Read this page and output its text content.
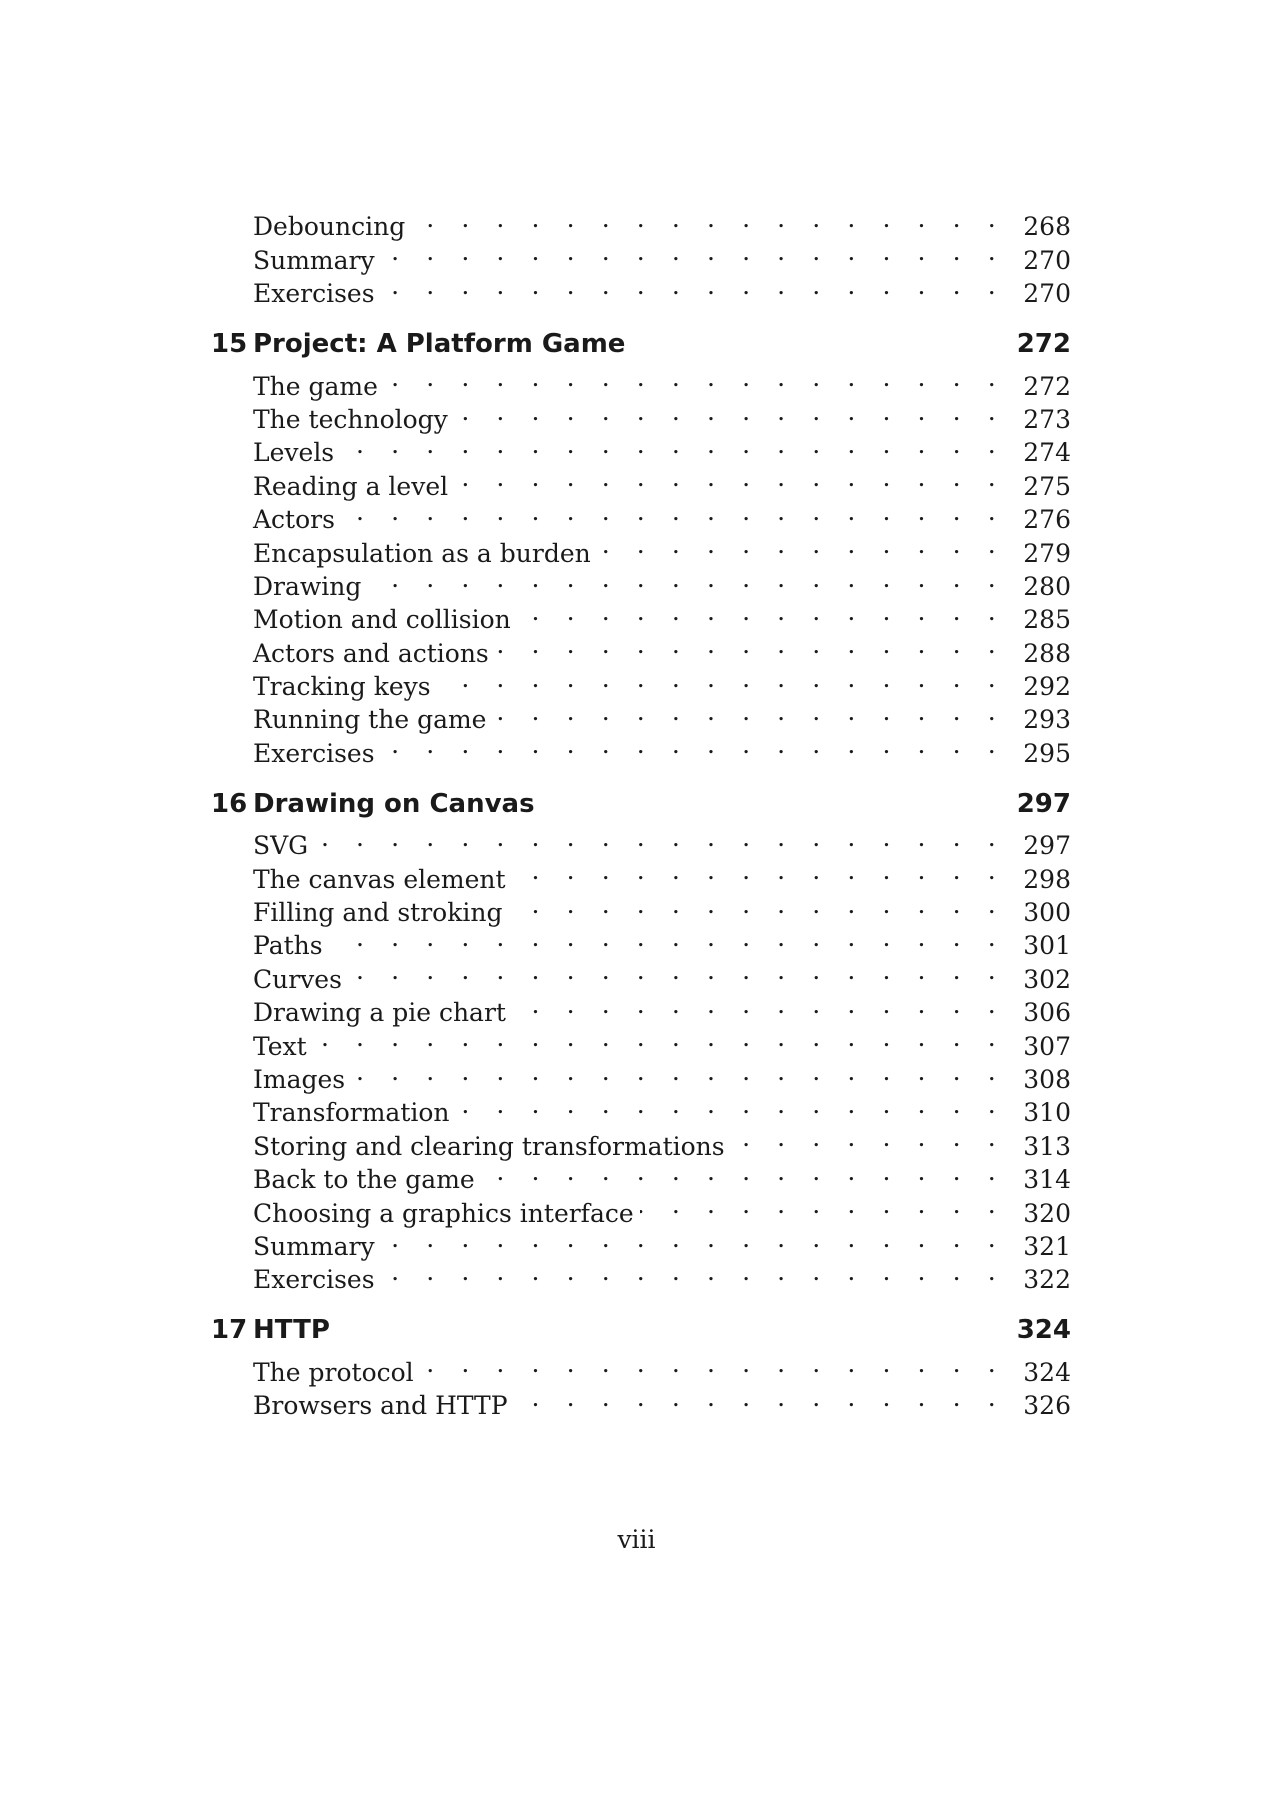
Debouncing . . .	268
Summary . . .	270
Exercises . . .	270
15 Project: A Platform Game	272
The game . . .	272
The technology . . .	273
Levels . . .	274
Reading a level . . .	275
Actors . . .	276
Encapsulation as a burden . . .	279
Drawing . . .	280
Motion and collision . . .	285
Actors and actions . . .	288
Tracking keys . . .	292
Running the game . . .	293
Exercises . . .	295
16 Drawing on Canvas	297
SVG . . .	297
The canvas element . . .	298
Filling and stroking . . .	300
Paths . . .	301
Curves . . .	302
Drawing a pie chart . . .	306
Text . . .	307
Images . . .	308
Transformation . . .	310
Storing and clearing transformations . . .	313
Back to the game . . .	314
Choosing a graphics interface . . .	320
Summary . . .	321
Exercises . . .	322
17 HTTP	324
The protocol . . .	324
Browsers and HTTP . . .	326
viii
